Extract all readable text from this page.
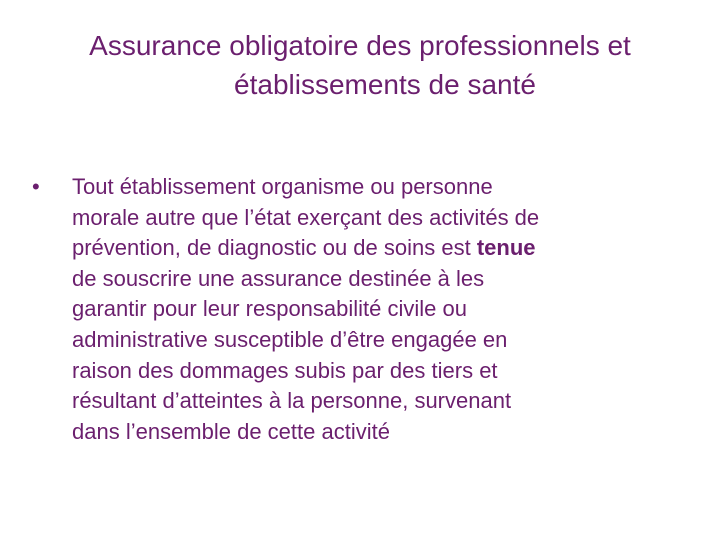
Assurance obligatoire des professionnels et
établissements de santé
•	Tout établissement organisme ou personne
morale autre que l’état exerçant des activités de
prévention, de diagnostic ou de soins est tenue
de souscrire une assurance destinée à les
garantir pour leur responsabilité civile ou
administrative susceptible d’être engagée en
raison des dommages subis par des tiers et
résultant d’atteintes à la personne, survenant
dans l’ensemble de cette activité
